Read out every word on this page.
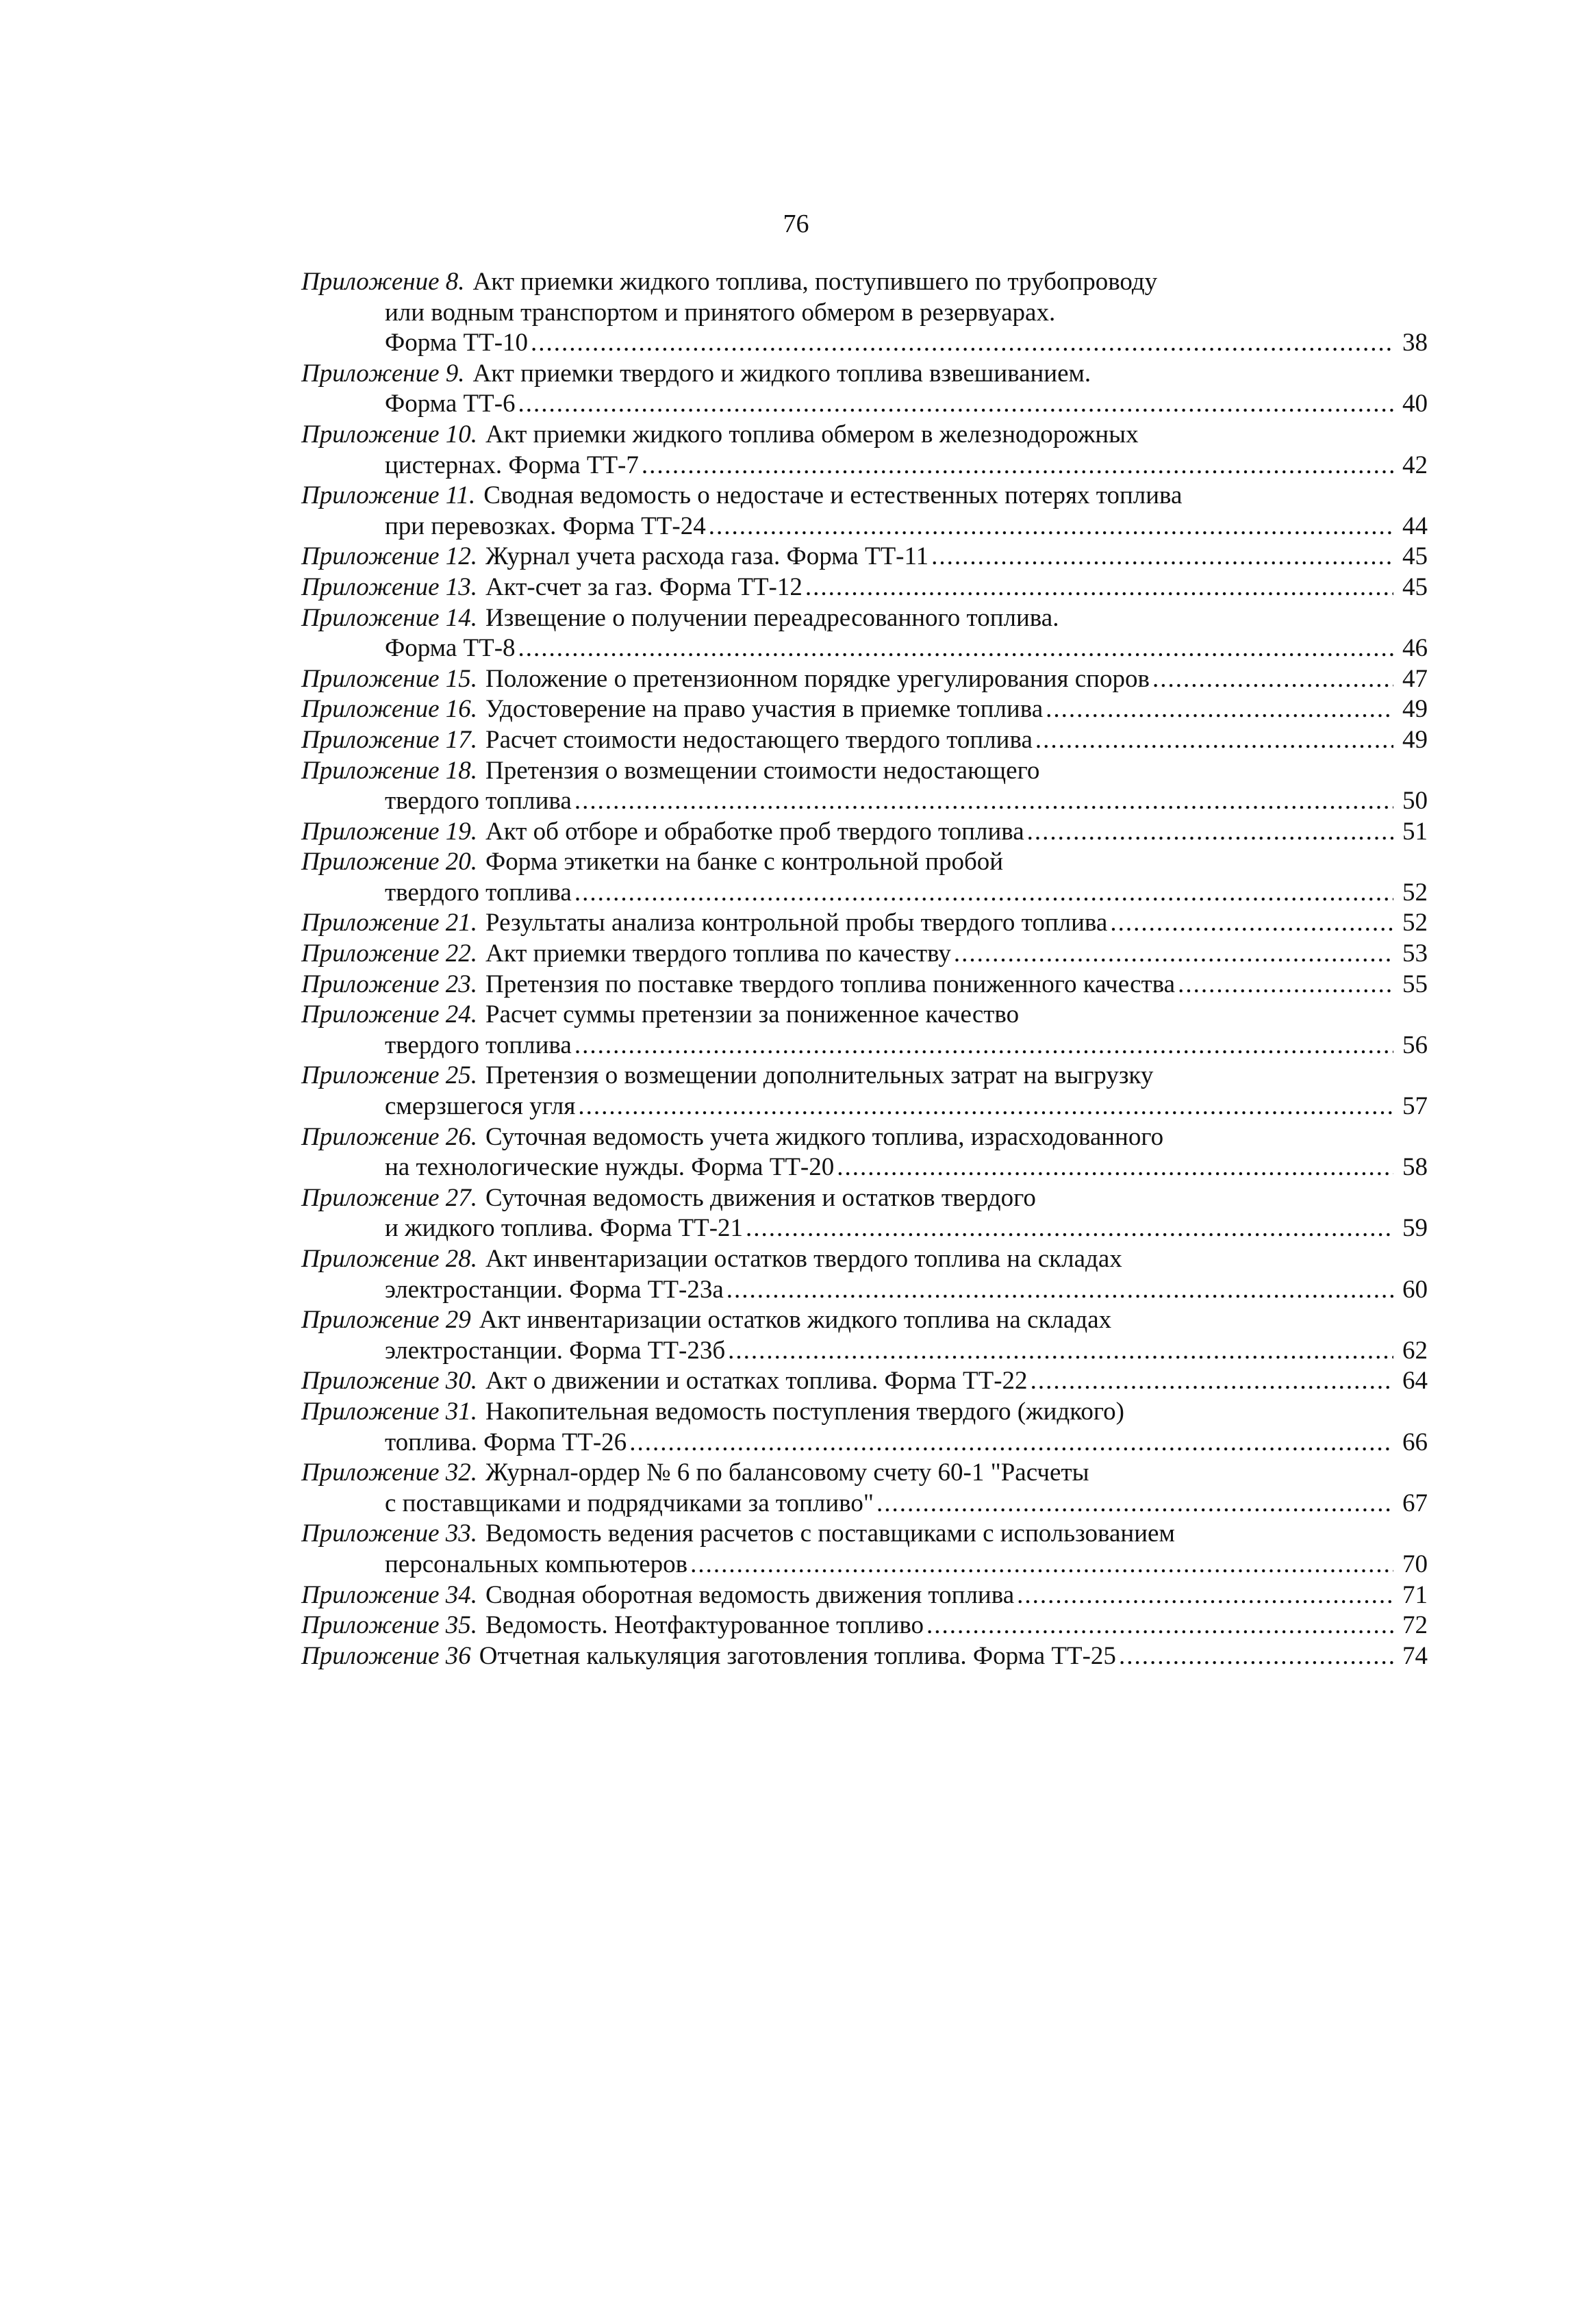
76
Приложение 8. Акт приемки жидкого топлива, поступившего по трубопроводу
или водным транспортом и принятого обмером в резервуарах.
Форма ТТ-10 .....	38
Приложение 9. Акт приемки твердого и жидкого топлива взвешиванием.
Форма ТТ-6 .....	40
Приложение 10. Акт приемки жидкого топлива обмером в железнодорожных
цистернах. Форма ТТ-7 .....	42
Приложение 11. Сводная ведомость о недостаче и естественных потерях топлива
при перевозках. Форма ТТ-24 .....	44
Приложение 12. Журнал учета расхода газа. Форма ТТ-11 .....	45
Приложение 13. Акт-счет за газ. Форма ТТ-12 .....	45
Приложение 14. Извещение о получении переадресованного топлива.
Форма ТТ-8 .....	46
Приложение 15. Положение о претензионном порядке урегулирования споров .....	47
Приложение 16. Удостоверение на право участия в приемке топлива .....	49
Приложение 17. Расчет стоимости недостающего твердого топлива .....	49
Приложение 18. Претензия о возмещении стоимости недостающего
твердого топлива .....	50
Приложение 19. Акт об отборе и обработке проб твердого топлива .....	51
Приложение 20. Форма этикетки на банке с контрольной пробой
твердого топлива .....	52
Приложение 21. Результаты анализа контрольной пробы твердого топлива .....	52
Приложение 22. Акт приемки твердого топлива по качеству .....	53
Приложение 23. Претензия по поставке твердого топлива пониженного качества .....	55
Приложение 24. Расчет суммы претензии за пониженное качество
твердого топлива .....	56
Приложение 25. Претензия о возмещении дополнительных затрат на выгрузку
смерзшегося угля .....	57
Приложение 26. Суточная ведомость учета жидкого топлива, израсходованного
на технологические нужды. Форма ТТ-20 .....	58
Приложение 27. Суточная ведомость движения и остатков твердого
и жидкого топлива. Форма ТТ-21 .....	59
Приложение 28. Акт инвентаризации остатков твердого топлива на складах
электростанции. Форма ТТ-23а .....	60
Приложение 29 Акт инвентаризации остатков жидкого топлива на складах
электростанции. Форма ТТ-23б .....	62
Приложение 30. Акт о движении и остатках топлива. Форма ТТ-22 .....	64
Приложение 31. Накопительная ведомость поступления твердого (жидкого)
топлива. Форма ТТ-26 .....	66
Приложение 32. Журнал-ордер № 6 по балансовому счету 60-1 "Расчеты
с поставщиками и подрядчиками за топливо" .....	67
Приложение 33. Ведомость ведения расчетов с поставщиками с использованием
персональных компьютеров .....	70
Приложение 34. Сводная оборотная ведомость движения топлива .....	71
Приложение 35. Ведомость. Неотфактурованное топливо .....	72
Приложение 36 Отчетная калькуляция заготовления топлива. Форма ТТ-25 .....	74
